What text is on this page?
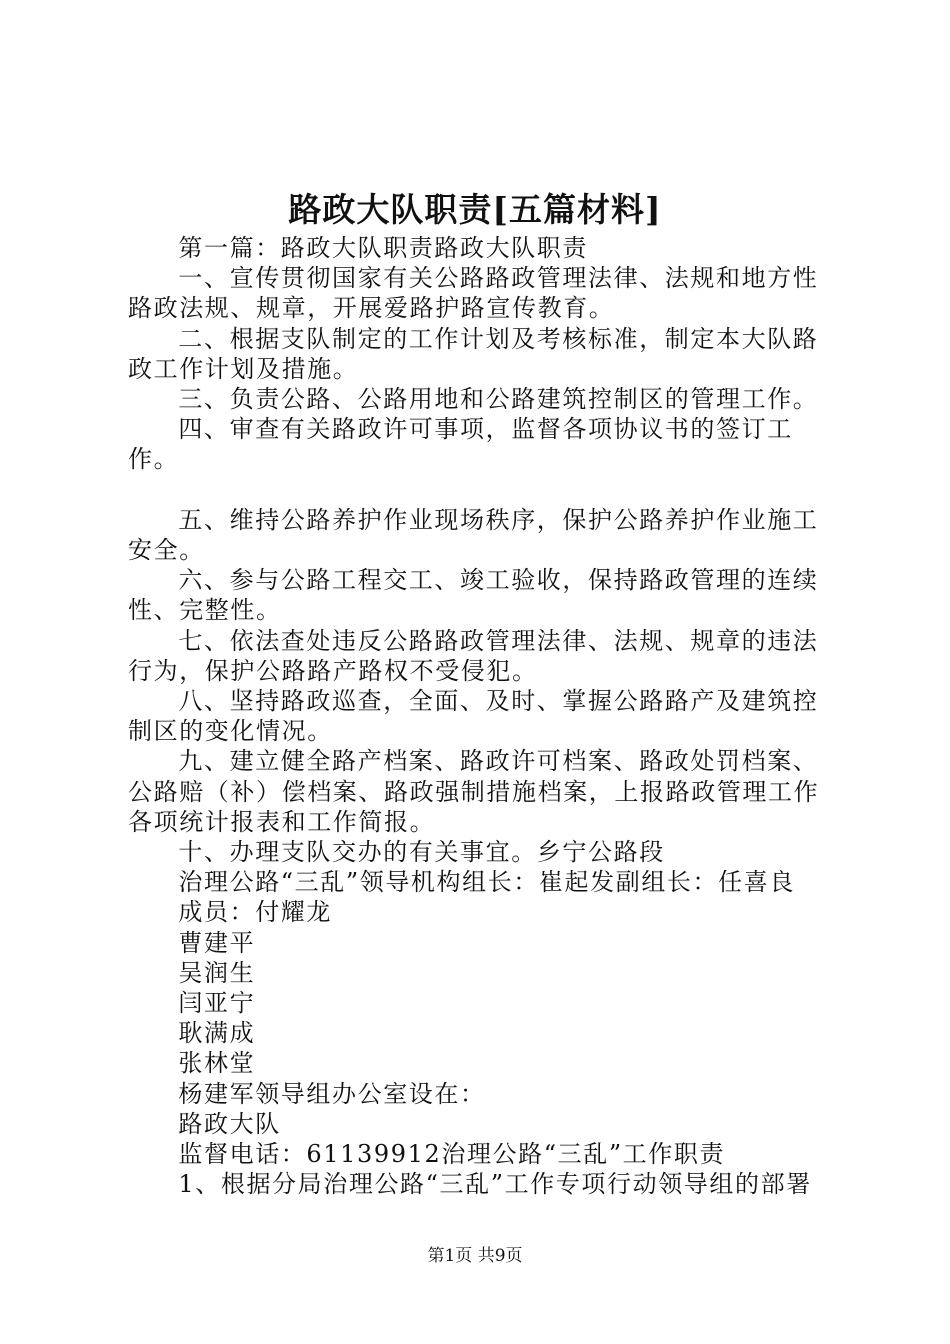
路政大队职责[五篇材料]

第一篇：路政大队职责路政大队职责

一、宣传贯彻国家有关公路路政管理法律、法规和地方性路政法规、规章，开展爱路护路宣传教育。

二、根据支队制定的工作计划及考核标准，制定本大队路政工作计划及措施。

三、负责公路、公路用地和公路建筑控制区的管理工作。

四、审查有关路政许可事项，监督各项协议书的签订工作。

五、维持公路养护作业现场秩序，保护公路养护作业施工安全。

六、参与公路工程交工、竣工验收，保持路政管理的连续性、完整性。

七、依法查处违反公路路政管理法律、法规、规章的违法行为，保护公路路产路权不受侵犯。

八、坚持路政巡查，全面、及时、掌握公路路产及建筑控制区的变化情况。

九、建立健全路产档案、路政许可档案、路政处罚档案、公路赔（补）偿档案、路政强制措施档案，上报路政管理工作各项统计报表和工作简报。

十、办理支队交办的有关事宜。乡宁公路段

治理公路“三乱”领导机构组长：崔起发副组长：任喜良

成员：付耀龙

曹建平

吴润生

闫亚宁

耿满成

张林堂

杨建军领导组办公室设在：

路政大队

监督电话：61139912治理公路“三乱”工作职责

1、根据分局治理公路“三乱”工作专项行动领导组的部署

第1页 共9页
